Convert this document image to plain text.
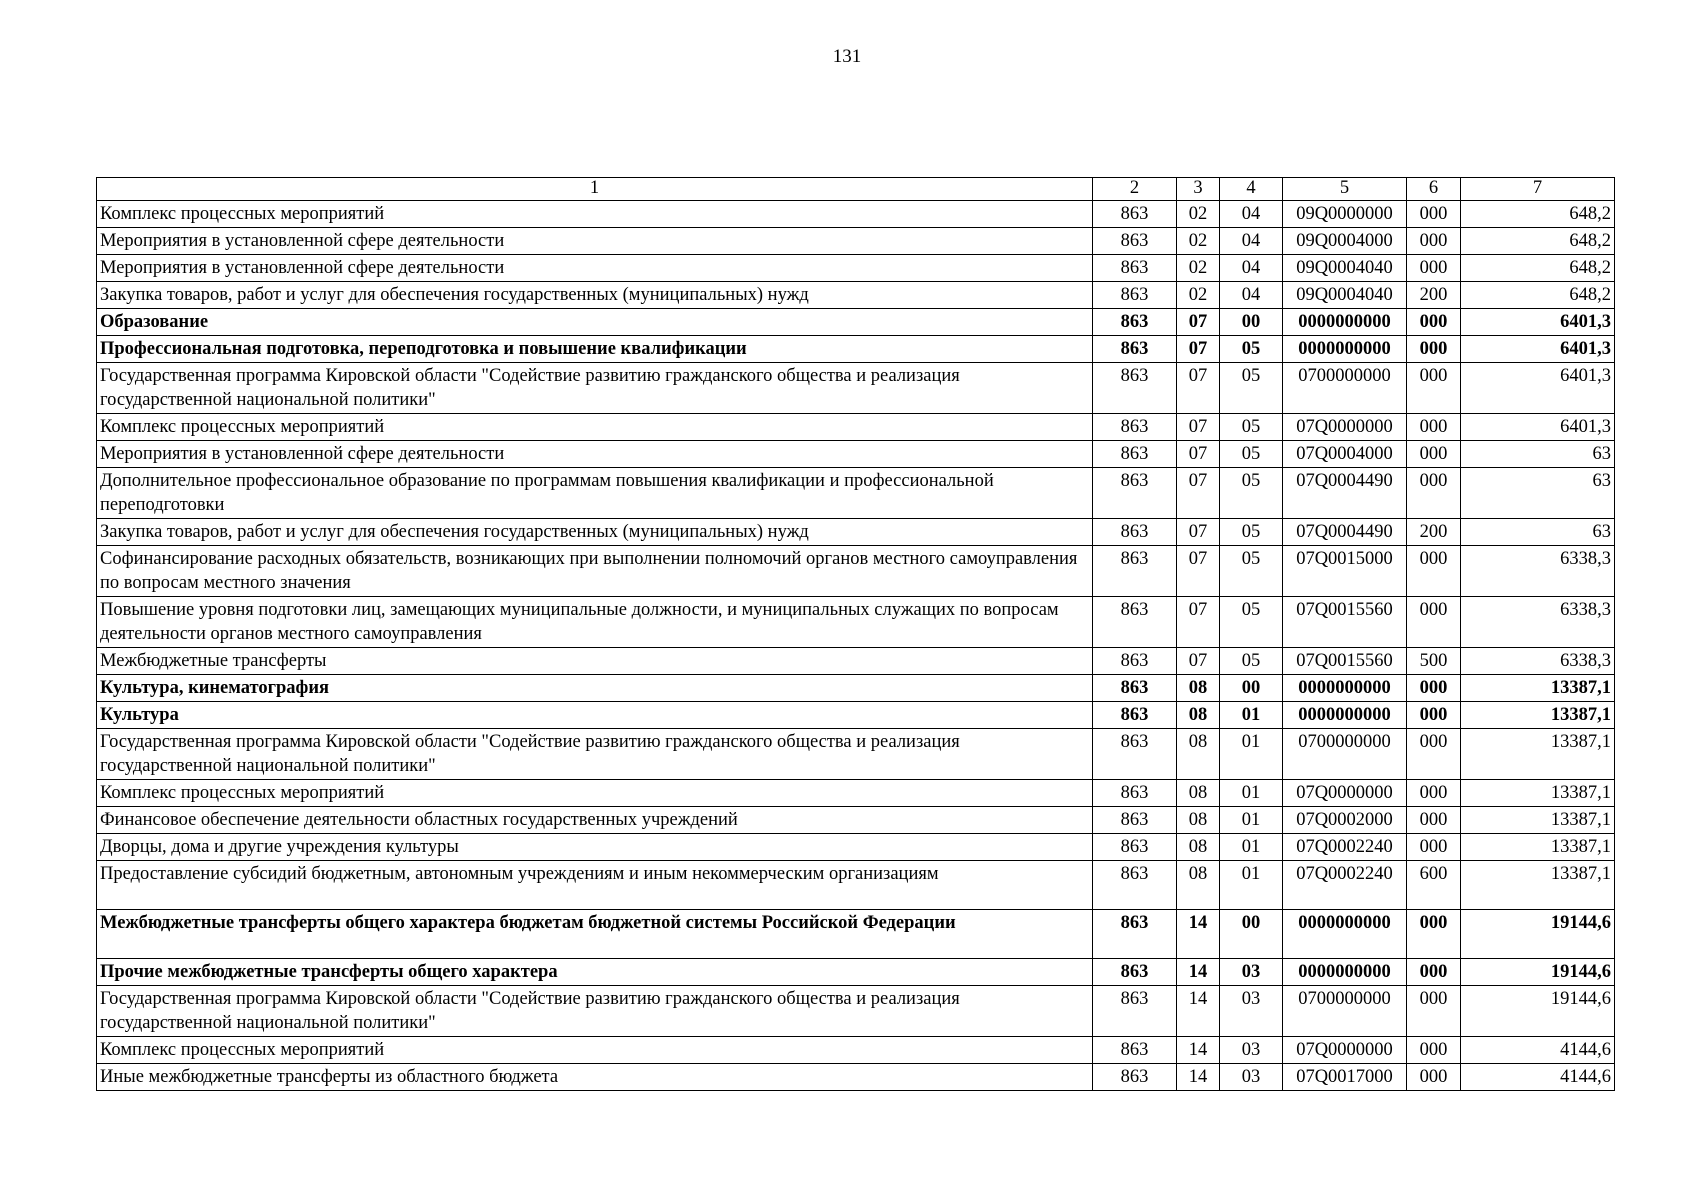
131
1	2	3	4	5	6	7
Комплекс процессных мероприятий	863	02	04	09Q0000000	000	648,2
Мероприятия в установленной сфере деятельности	863	02	04	09Q0004000	000	648,2
Мероприятия в установленной сфере деятельности	863	02	04	09Q0004040	000	648,2
Закупка товаров, работ и услуг для обеспечения государственных (муниципальных) нужд	863	02	04	09Q0004040	200	648,2
Образование	863	07	00	0000000000	000	6401,3
Профессиональная подготовка, переподготовка и повышение квалификации	863	07	05	0000000000	000	6401,3
Государственная программа Кировской области "Содействие развитию гражданского общества и реализация государственной национальной политики"	863	07	05	0700000000	000	6401,3
Комплекс процессных мероприятий	863	07	05	07Q0000000	000	6401,3
Мероприятия в установленной сфере деятельности	863	07	05	07Q0004000	000	63
Дополнительное профессиональное образование по программам повышения квалификации и профессиональной переподготовки	863	07	05	07Q0004490	000	63
Закупка товаров, работ и услуг для обеспечения государственных (муниципальных) нужд	863	07	05	07Q0004490	200	63
Софинансирование расходных обязательств, возникающих при выполнении полномочий органов местного самоуправления по вопросам местного значения	863	07	05	07Q0015000	000	6338,3
Повышение уровня подготовки лиц, замещающих муниципальные должности, и муниципальных служащих по вопросам деятельности органов местного самоуправления	863	07	05	07Q0015560	000	6338,3
Межбюджетные трансферты	863	07	05	07Q0015560	500	6338,3
Культура, кинематография	863	08	00	0000000000	000	13387,1
Культура	863	08	01	0000000000	000	13387,1
Государственная программа Кировской области "Содействие развитию гражданского общества и реализация государственной национальной политики"	863	08	01	0700000000	000	13387,1
Комплекс процессных мероприятий	863	08	01	07Q0000000	000	13387,1
Финансовое обеспечение деятельности областных государственных учреждений	863	08	01	07Q0002000	000	13387,1
Дворцы, дома и другие учреждения культуры	863	08	01	07Q0002240	000	13387,1
Предоставление субсидий бюджетным, автономным учреждениям и иным некоммерческим организациям	863	08	01	07Q0002240	600	13387,1
Межбюджетные трансферты общего характера бюджетам бюджетной системы Российской Федерации	863	14	00	0000000000	000	19144,6
Прочие межбюджетные трансферты общего характера	863	14	03	0000000000	000	19144,6
Государственная программа Кировской области "Содействие развитию гражданского общества и реализация государственной национальной политики"	863	14	03	0700000000	000	19144,6
Комплекс процессных мероприятий	863	14	03	07Q0000000	000	4144,6
Иные межбюджетные трансферты из областного бюджета	863	14	03	07Q0017000	000	4144,6
